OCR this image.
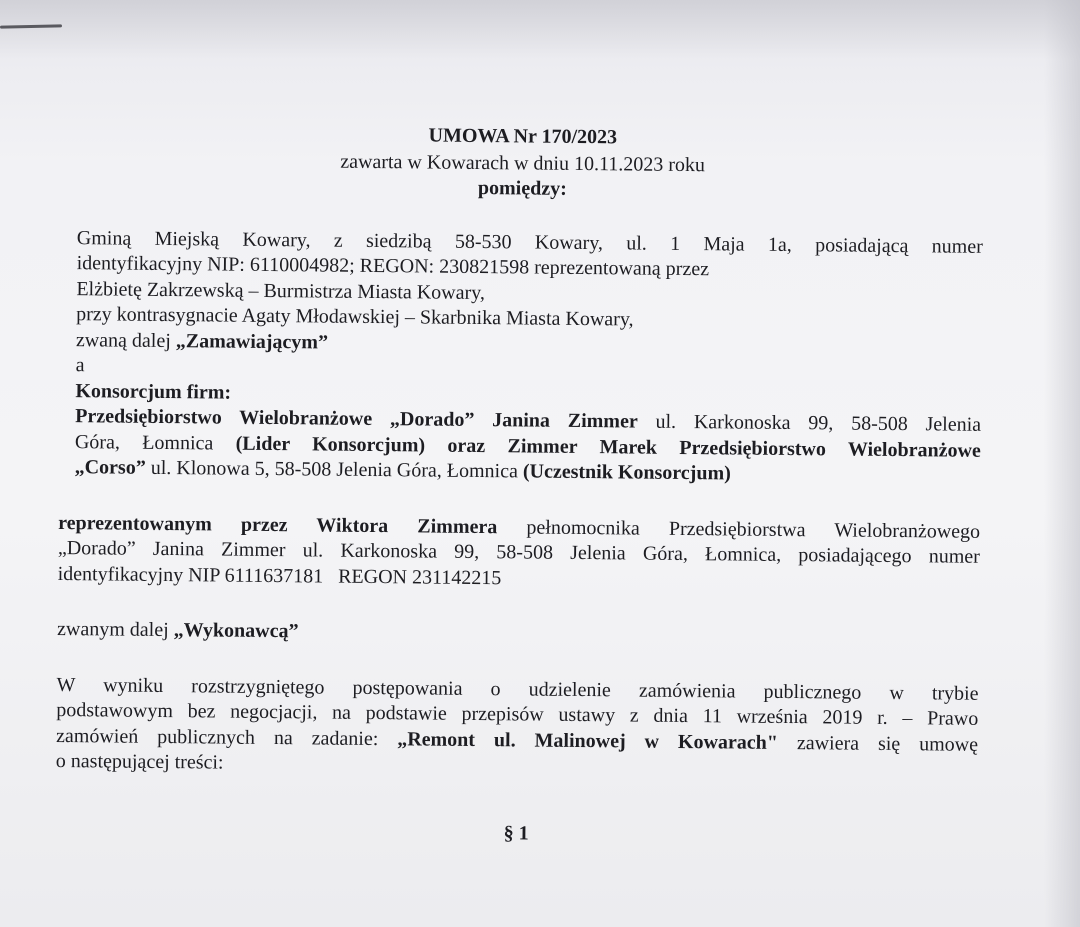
UMOWA Nr 170/2023
zawarta w Kowarach w dniu 10.11.2023 roku
pomiędzy:
Gminą Miejską Kowary, z siedzibą 58-530 Kowary, ul. 1 Maja 1a, posiadającą numer
identyfikacyjny NIP: 6110004982; REGON: 230821598 reprezentowaną przez
Elżbietę Zakrzewską – Burmistrza Miasta Kowary,
przy kontrasygnacie Agaty Młodawskiej – Skarbnika Miasta Kowary,
zwaną dalej „Zamawiającym”
a
Konsorcjum firm:
Przedsiębiorstwo Wielobranżowe „Dorado” Janina Zimmer ul. Karkonoska 99, 58-508 Jelenia
Góra, Łomnica (Lider Konsorcjum) oraz Zimmer Marek Przedsiębiorstwo Wielobranżowe
„Corso” ul. Klonowa 5, 58-508 Jelenia Góra, Łomnica (Uczestnik Konsorcjum)
reprezentowanym przez Wiktora Zimmera pełnomocnika Przedsiębiorstwa Wielobranżowego
„Dorado” Janina Zimmer ul. Karkonoska 99, 58-508 Jelenia Góra, Łomnica, posiadającego numer
identyfikacyjny NIP 6111637181   REGON 231142215
zwanym dalej „Wykonawcą”
W wyniku rozstrzygniętego postępowania o udzielenie zamówienia publicznego w trybie
podstawowym bez negocjacji, na podstawie przepisów ustawy z dnia 11 września 2019 r. – Prawo
zamówień publicznych na zadanie: „Remont ul. Malinowej w Kowarach" zawiera się umowę
o następującej treści:
§ 1
